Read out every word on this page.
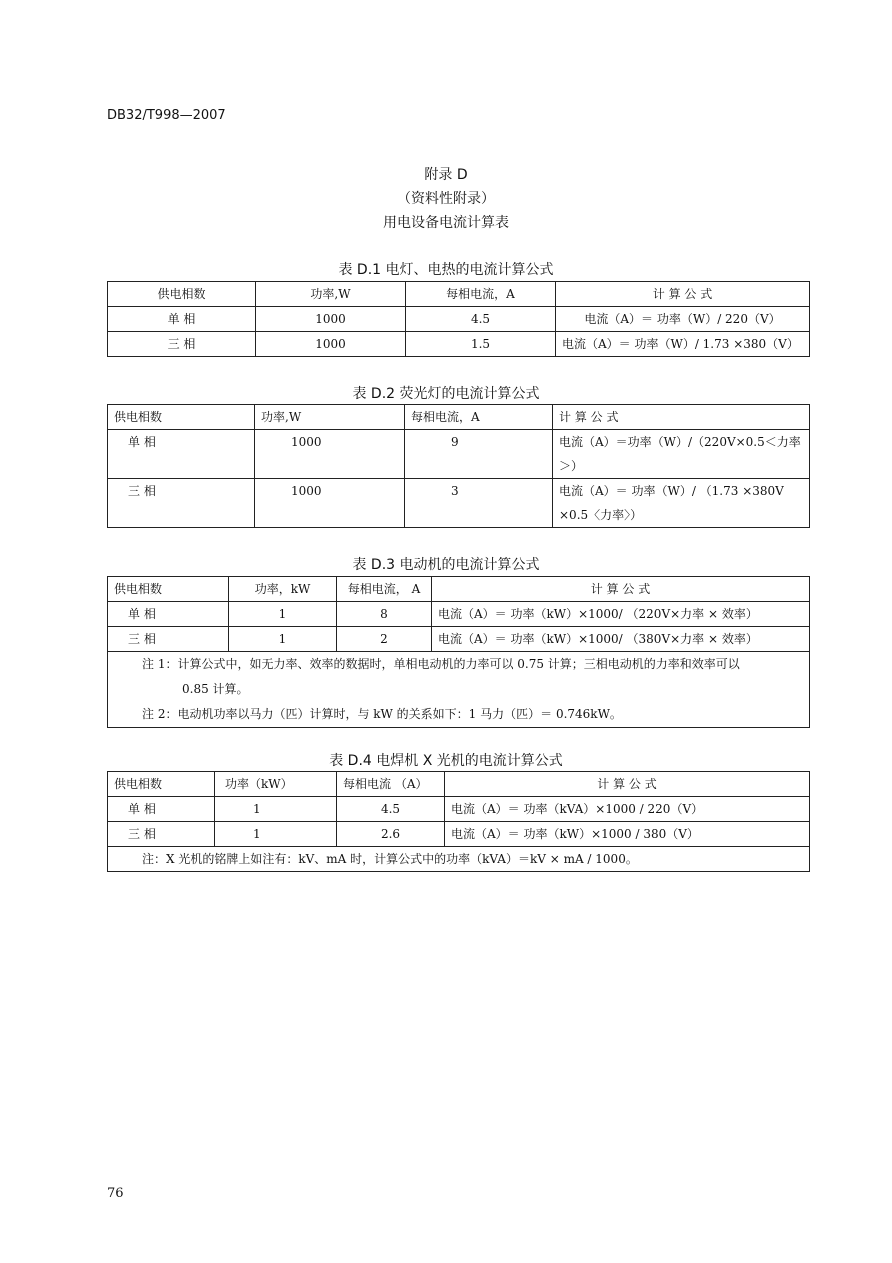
DB32/T998—2007
附录 D
（资料性附录）
用电设备电流计算表
表 D.1 电灯、电热的电流计算公式
供电相数	功率,W	每相电流，A	计 算 公 式
单 相	1000	4.5	电流（A）＝ 功率（W）/ 220（V）
三 相	1000	1.5	电流（A）＝ 功率（W）/ 1.73 ×380（V）
表 D.2 荧光灯的电流计算公式
供电相数	功率,W	每相电流，A	计 算 公 式
单 相	1000	9	电流（A）＝功率（W）/（220V×0.5＜力率＞）
三 相	1000	3	电流（A）＝ 功率（W）/ （1.73 ×380V ×0.5〈力率〉）
表 D.3 电动机的电流计算公式
供电相数	功率，kW	每相电流， A	计 算 公 式
单 相	1	8	电流（A）＝ 功率（kW）×1000/ （220V×力率 × 效率）
三 相	1	2	电流（A）＝ 功率（kW）×1000/ （380V×力率 × 效率）

注 1：计算公式中，如无力率、效率的数据时，单相电动机的力率可以 0.75 计算；三相电动机的力率和效率可以
0.85 计算。
注 2：电动机功率以马力（匹）计算时，与 kW 的关系如下：1 马力（匹）＝ 0.746kW。			
表 D.4 电焊机 X 光机的电流计算公式
供电相数	功率（kW）	每相电流 （A）	计 算 公 式
单 相	1	4.5	电流（A）＝ 功率（kVA）×1000 / 220（V）
三 相	1	2.6	电流（A）＝ 功率（kW）×1000 / 380（V）
注：X 光机的铭牌上如注有：kV、mA 时，计算公式中的功率（kVA）＝kV × mA / 1000。			
76
